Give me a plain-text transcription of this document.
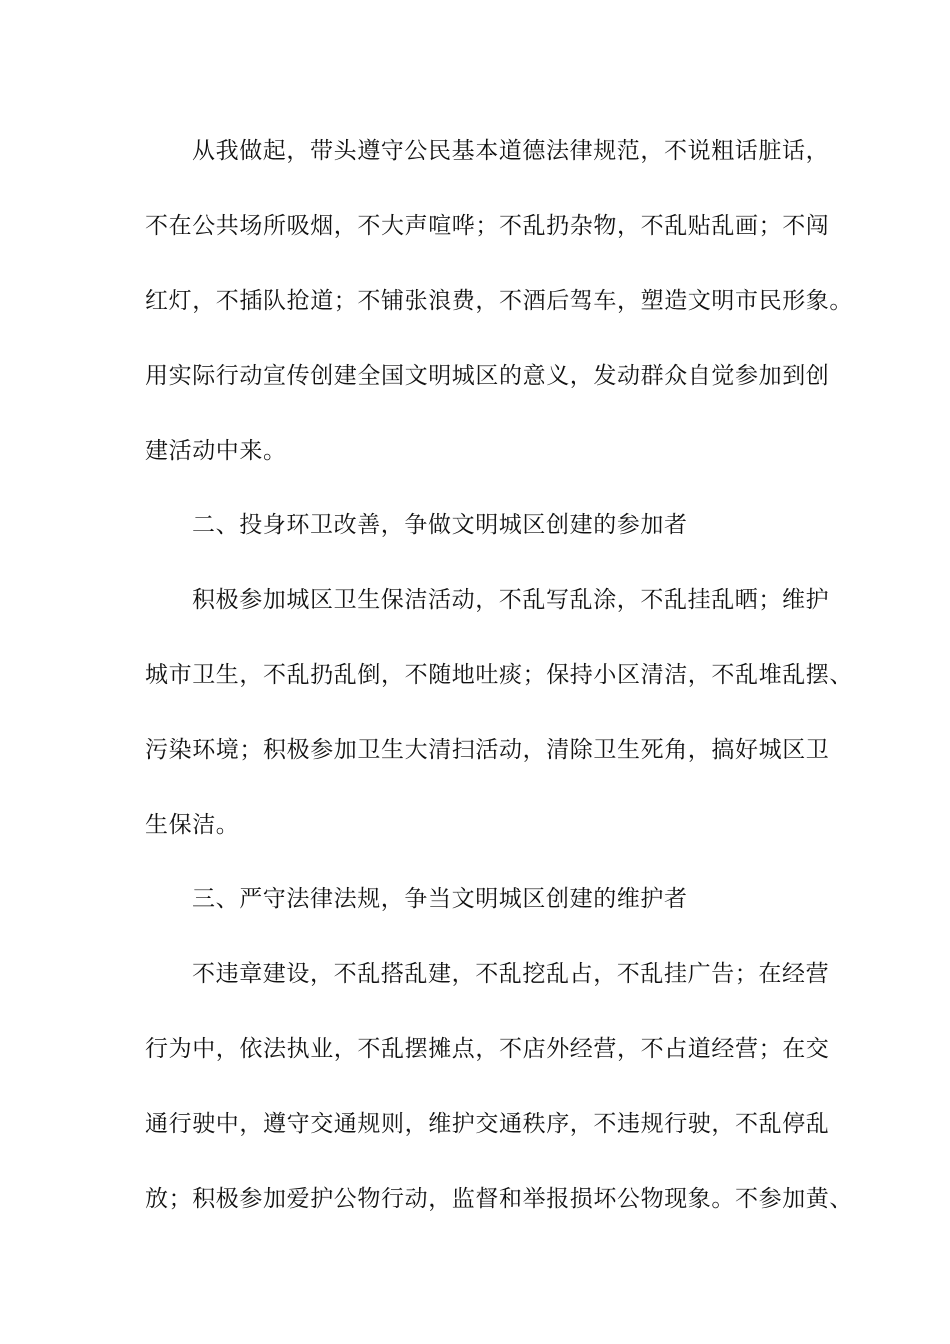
从我做起，带头遵守公民基本道德法律规范，不说粗话脏话，
不在公共场所吸烟，不大声喧哗；不乱扔杂物，不乱贴乱画；不闯
红灯，不插队抢道；不铺张浪费，不酒后驾车，塑造文明市民形象。
用实际行动宣传创建全国文明城区的意义，发动群众自觉参加到创
建活动中来。
二、投身环卫改善，争做文明城区创建的参加者
积极参加城区卫生保洁活动，不乱写乱涂，不乱挂乱晒；维护
城市卫生，不乱扔乱倒，不随地吐痰；保持小区清洁，不乱堆乱摆、
污染环境；积极参加卫生大清扫活动，清除卫生死角，搞好城区卫
生保洁。
三、严守法律法规，争当文明城区创建的维护者
不违章建设，不乱搭乱建，不乱挖乱占，不乱挂广告；在经营
行为中，依法执业，不乱摆摊点，不店外经营，不占道经营；在交
通行驶中，遵守交通规则，维护交通秩序，不违规行驶，不乱停乱
放；积极参加爱护公物行动，监督和举报损坏公物现象。不参加黄、
